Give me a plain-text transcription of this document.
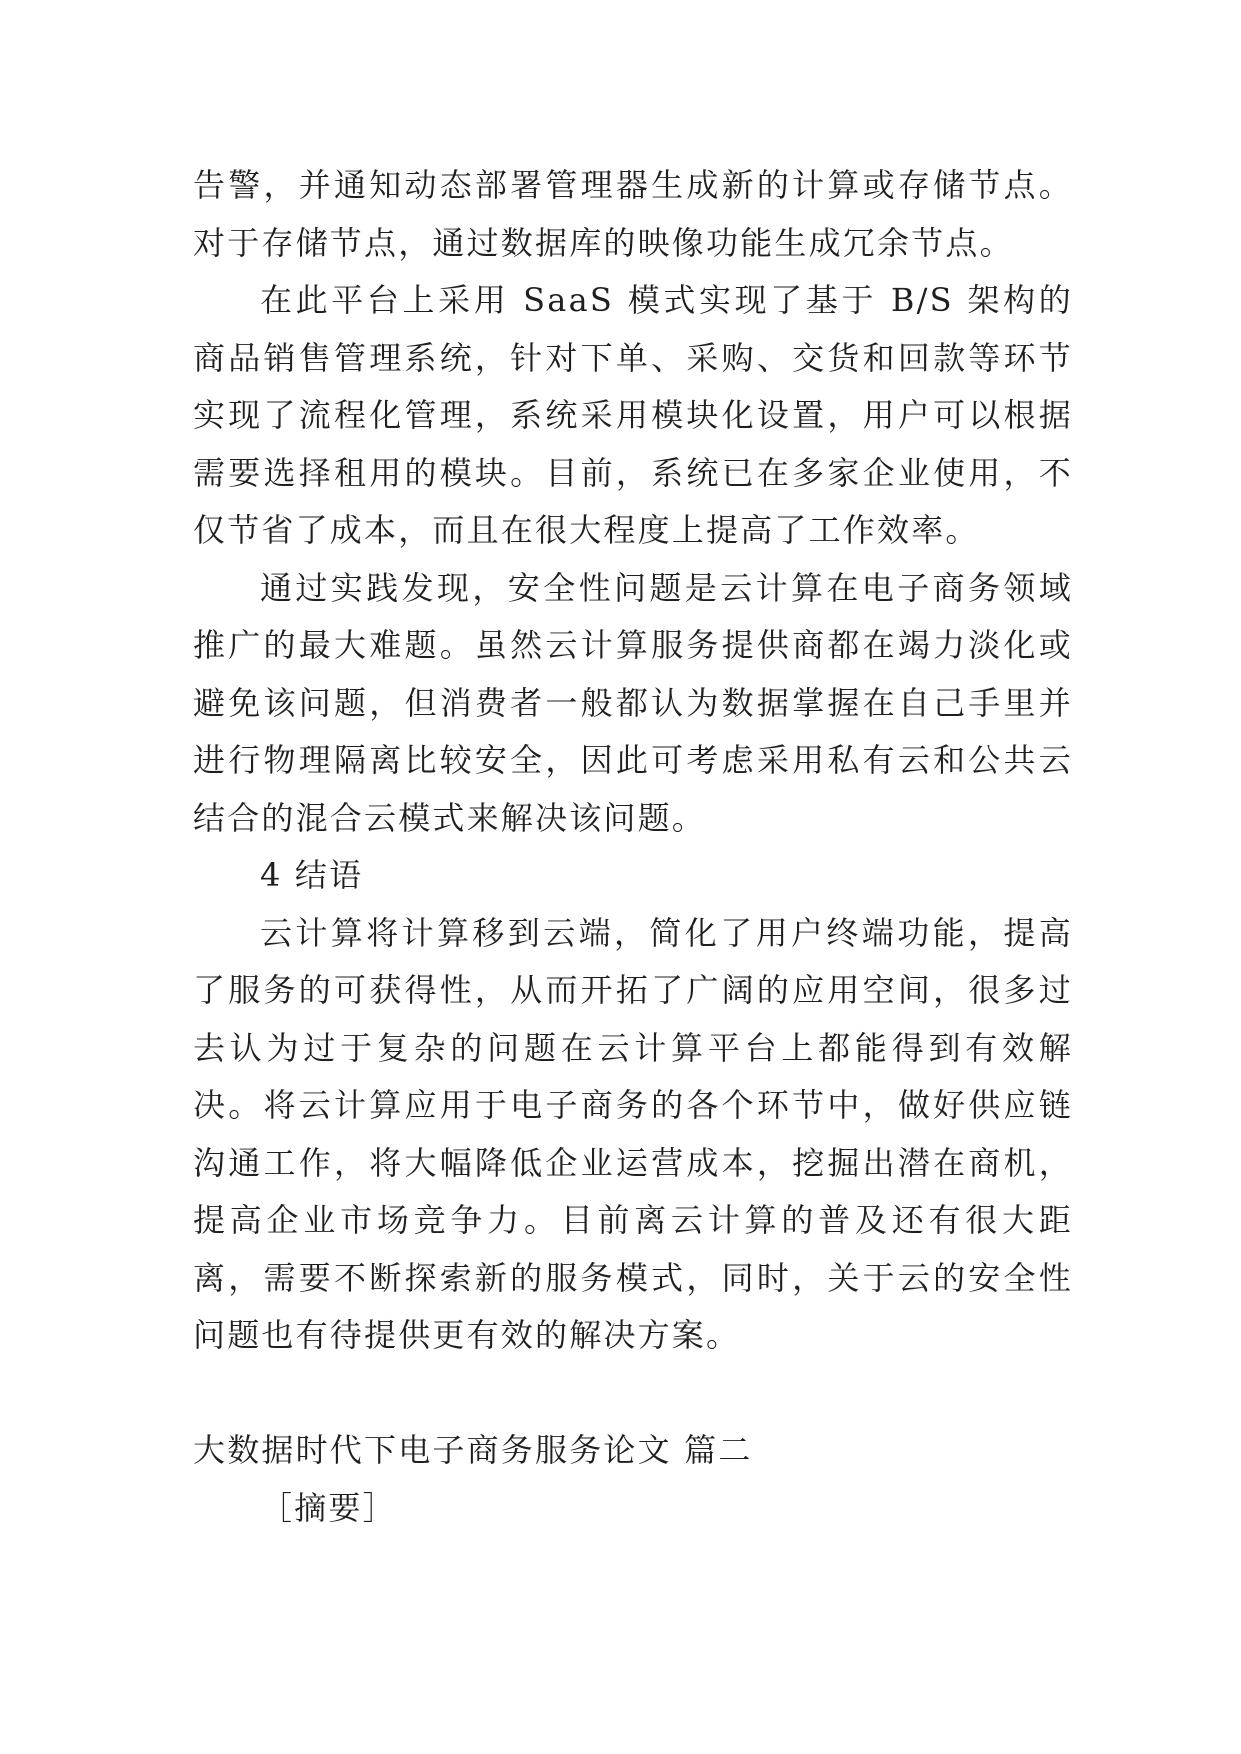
告警，并通知动态部署管理器生成新的计算或存储节点。对于存储节点，通过数据库的映像功能生成冗余节点。

在此平台上采用 SaaS 模式实现了基于 B/S 架构的商品销售管理系统，针对下单、采购、交货和回款等环节实现了流程化管理，系统采用模块化设置，用户可以根据需要选择租用的模块。目前，系统已在多家企业使用，不仅节省了成本，而且在很大程度上提高了工作效率。

通过实践发现，安全性问题是云计算在电子商务领域推广的最大难题。虽然云计算服务提供商都在竭力淡化或避免该问题，但消费者一般都认为数据掌握在自己手里并进行物理隔离比较安全，因此可考虑采用私有云和公共云结合的混合云模式来解决该问题。

4 结语

云计算将计算移到云端，简化了用户终端功能，提高了服务的可获得性，从而开拓了广阔的应用空间，很多过去认为过于复杂的问题在云计算平台上都能得到有效解决。将云计算应用于电子商务的各个环节中，做好供应链沟通工作，将大幅降低企业运营成本，挖掘出潜在商机，提高企业市场竞争力。目前离云计算的普及还有很大距离，需要不断探索新的服务模式，同时，关于云的安全性问题也有待提供更有效的解决方案。

大数据时代下电子商务服务论文 篇二

［摘要］
